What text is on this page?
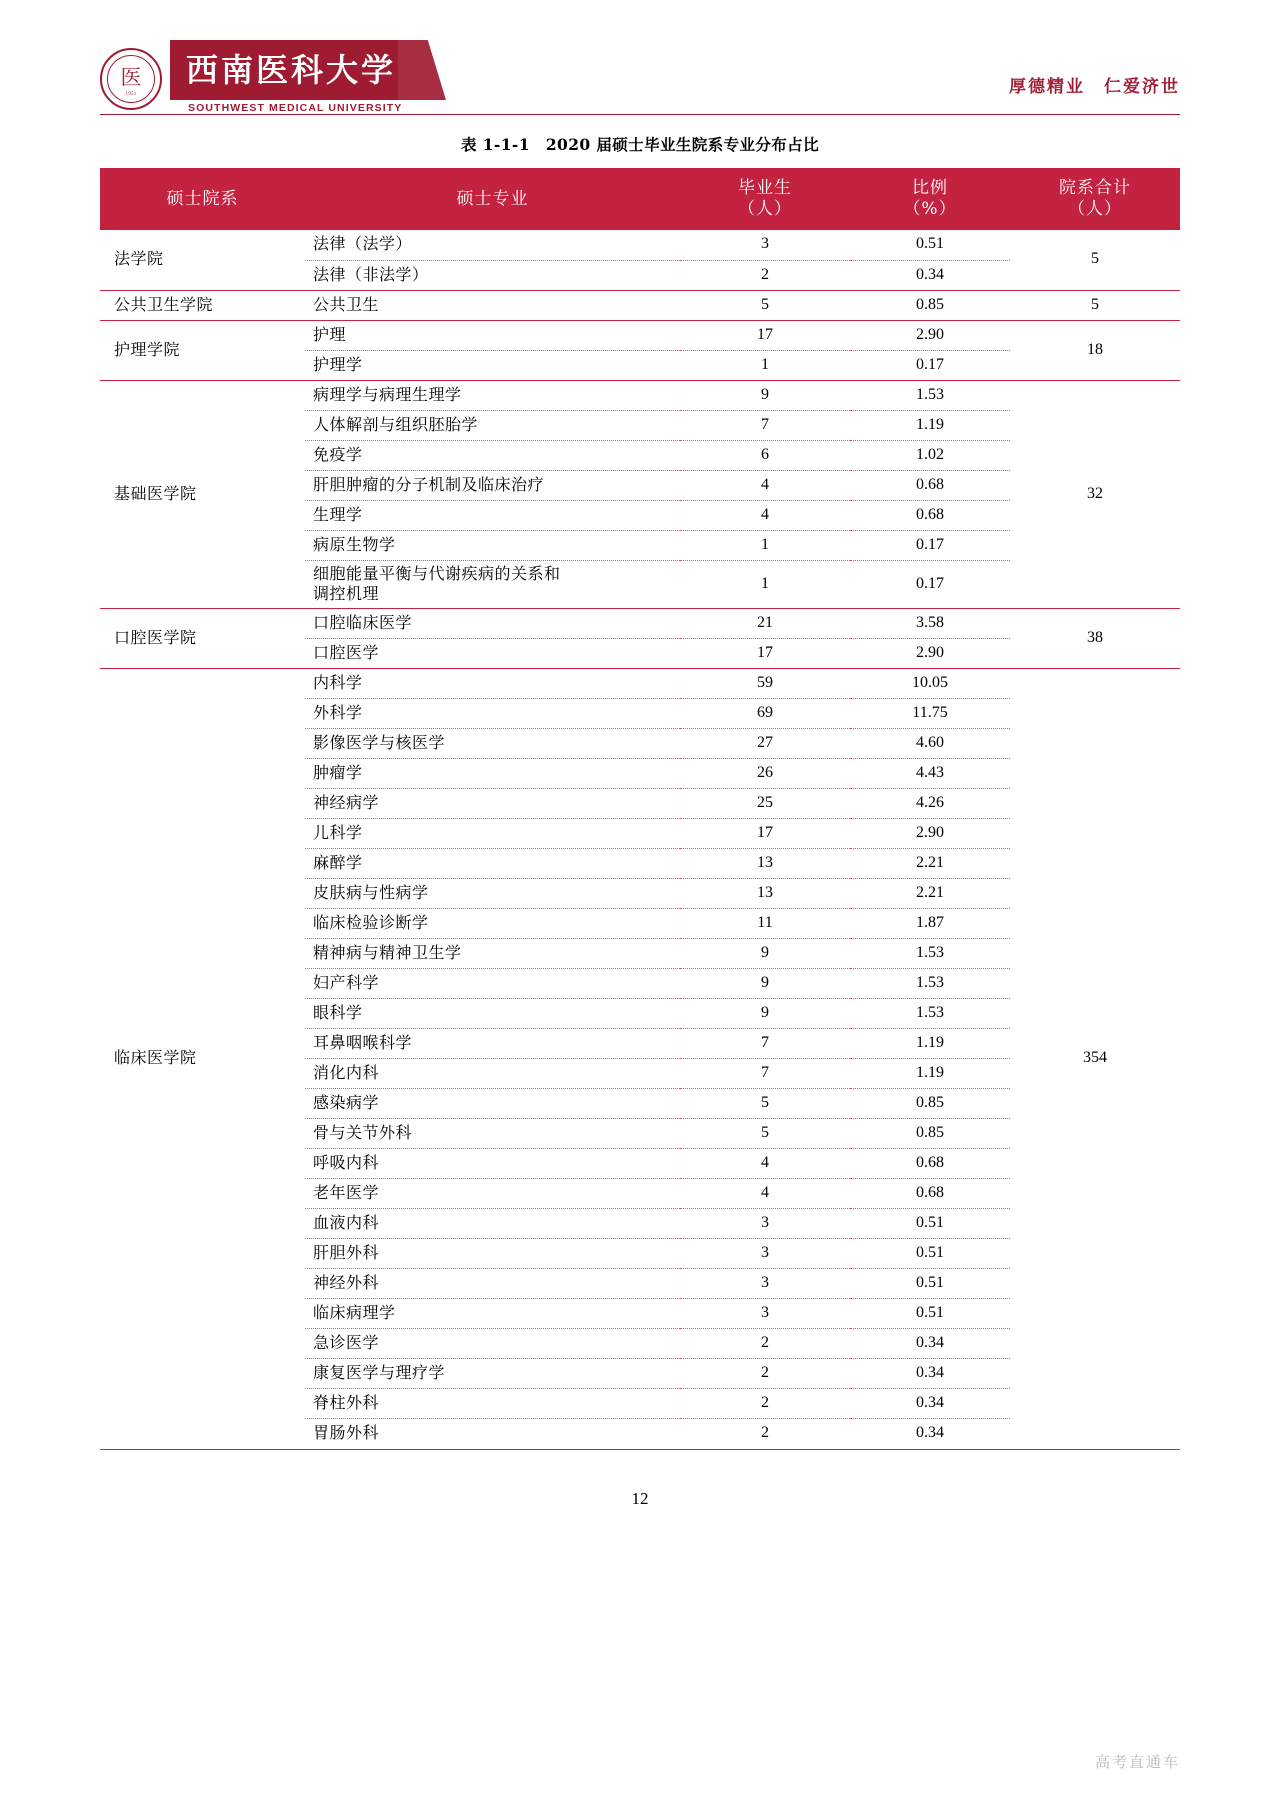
医
1951
西南医科大学
SOUTHWEST MEDICAL UNIVERSITY
厚德精业　仁爱济世
表 1-1-1　2020 届硕士毕业生院系专业分布占比
硕士院系	硕士专业	毕业生
（人）	比例
（%）	院系合计
（人）

法学院	法律（法学）	3	0.51	5
	法律（非法学）	2	0.34	
公共卫生学院	公共卫生	5	0.85	5
护理学院	护理	17	2.90	18
	护理学	1	0.17	
基础医学院	病理学与病理生理学	9	1.53	32
	人体解剖与组织胚胎学	7	1.19	
	免疫学	6	1.02	
	肝胆肿瘤的分子机制及临床治疗	4	0.68	
	生理学	4	0.68	
	病原生物学	1	0.17	

	细胞能量平衡与代谢疾病的关系和
调控机理	1	0.17	
口腔医学院	口腔临床医学	21	3.58	38
	口腔医学	17	2.90	
临床医学院	内科学	59	10.05	354
	外科学	69	11.75	
	影像医学与核医学	27	4.60	
	肿瘤学	26	4.43	
	神经病学	25	4.26	
	儿科学	17	2.90	
	麻醉学	13	2.21	
	皮肤病与性病学	13	2.21	
	临床检验诊断学	11	1.87	
	精神病与精神卫生学	9	1.53	
	妇产科学	9	1.53	
	眼科学	9	1.53	
	耳鼻咽喉科学	7	1.19	
	消化内科	7	1.19	
	感染病学	5	0.85	
	骨与关节外科	5	0.85	
	呼吸内科	4	0.68	
	老年医学	4	0.68	
	血液内科	3	0.51	
	肝胆外科	3	0.51	
	神经外科	3	0.51	
	临床病理学	3	0.51	
	急诊医学	2	0.34	
	康复医学与理疗学	2	0.34	
	脊柱外科	2	0.34	
	胃肠外科	2	0.34	
12
高考直通车
